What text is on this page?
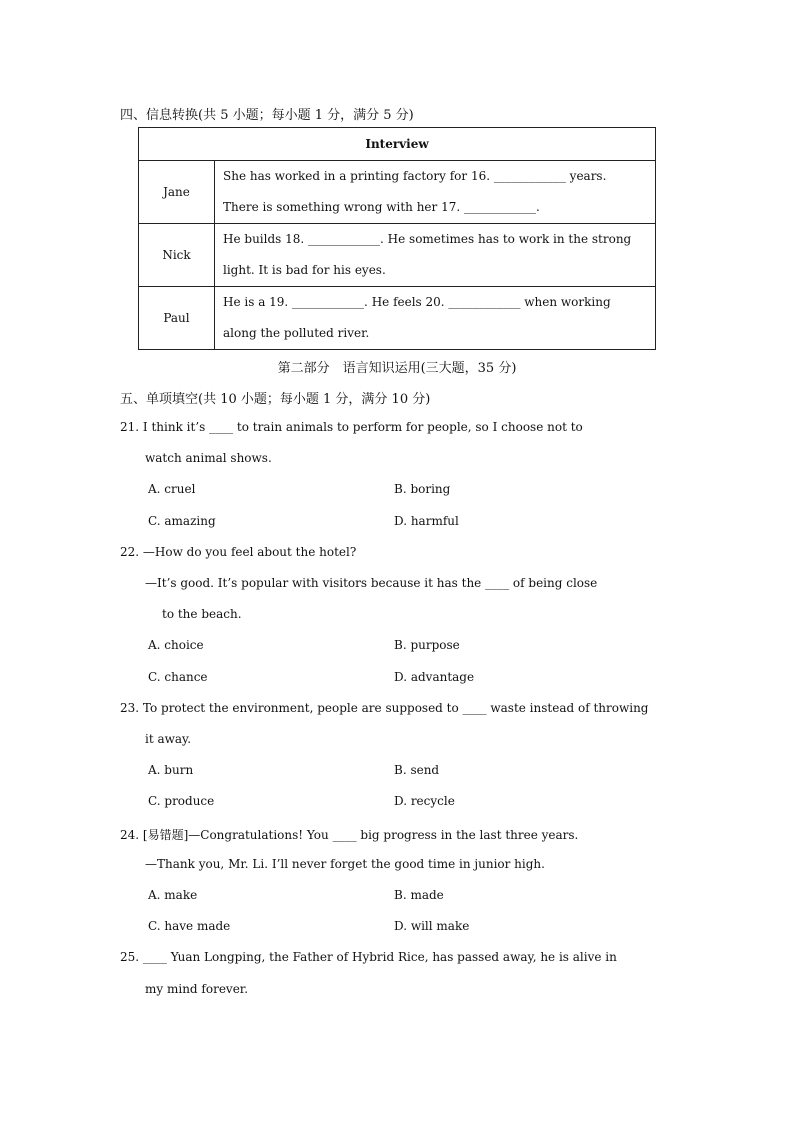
四、信息转换(共 5 小题；每小题 1 分，满分 5 分)
Interview	
Jane	She has worked in a printing factory for 16. ____________ years.
There is something wrong with her 17. ____________.

Nick	He builds 18. ____________. He sometimes has to work in the strong
light. It is bad for his eyes.

Paul	He is a 19. ____________. He feels 20. ____________ when working
along the polluted river.
第二部分　语言知识运用(三大题，35 分)
五、单项填空(共 10 小题；每小题 1 分，满分 10 分)
21. I think it’s ____ to train animals to perform for people, so I choose not to
watch animal shows.
A. cruel	B. boring
C. amazing	D. harmful
22. —How do you feel about the hotel?
—It’s good. It’s popular with visitors because it has the ____ of being close
to the beach.
A. choice	B. purpose
C. chance	D. advantage
23. To protect the environment, people are supposed to ____ waste instead of throwing
it away.
A. burn	B. send
C. produce	D. recycle
24. [易错题]—Congratulations! You ____ big progress in the last three years.
—Thank you, Mr. Li. I’ll never forget the good time in junior high.
A. make	B. made
C. have made	D. will make
25. ____ Yuan Longping, the Father of Hybrid Rice, has passed away, he is alive in
my mind forever.
